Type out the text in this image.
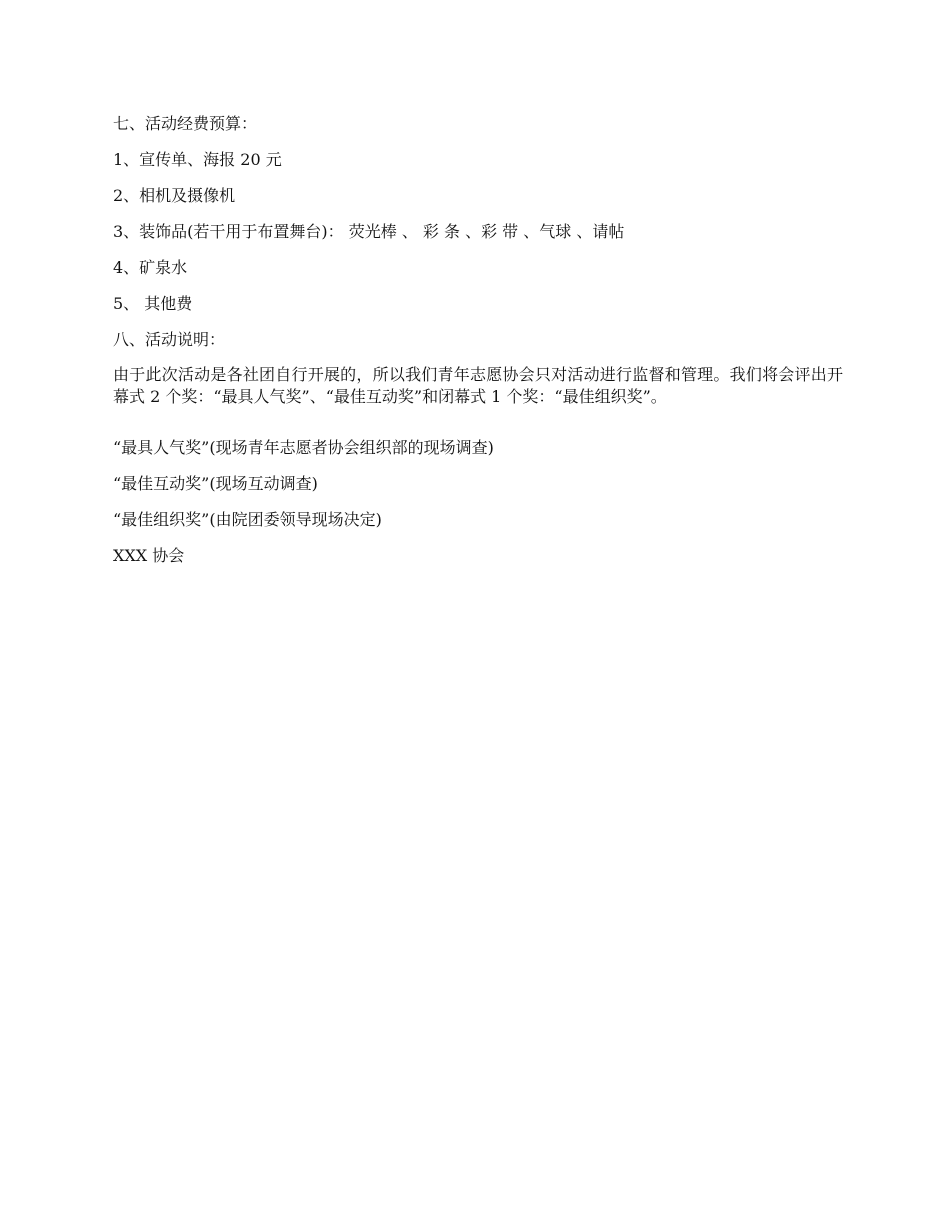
七、活动经费预算：
1、宣传单、海报 20 元
2、相机及摄像机
3、装饰品(若干用于布置舞台)： 荧光棒 、 彩 条 、彩 带 、气球 、请帖
4、矿泉水
5、 其他费
八、活动说明：

由于此次活动是各社团自行开展的，所以我们青年志愿协会只对活动进行监督和管理。我们将会评出开幕式 2 个奖：“最具人气奖”、“最佳互动奖”和闭幕式 1 个奖：“最佳组织奖”。

“最具人气奖”(现场青年志愿者协会组织部的现场调查)
“最佳互动奖”(现场互动调查)
“最佳组织奖”(由院团委领导现场决定)
XXX 协会
